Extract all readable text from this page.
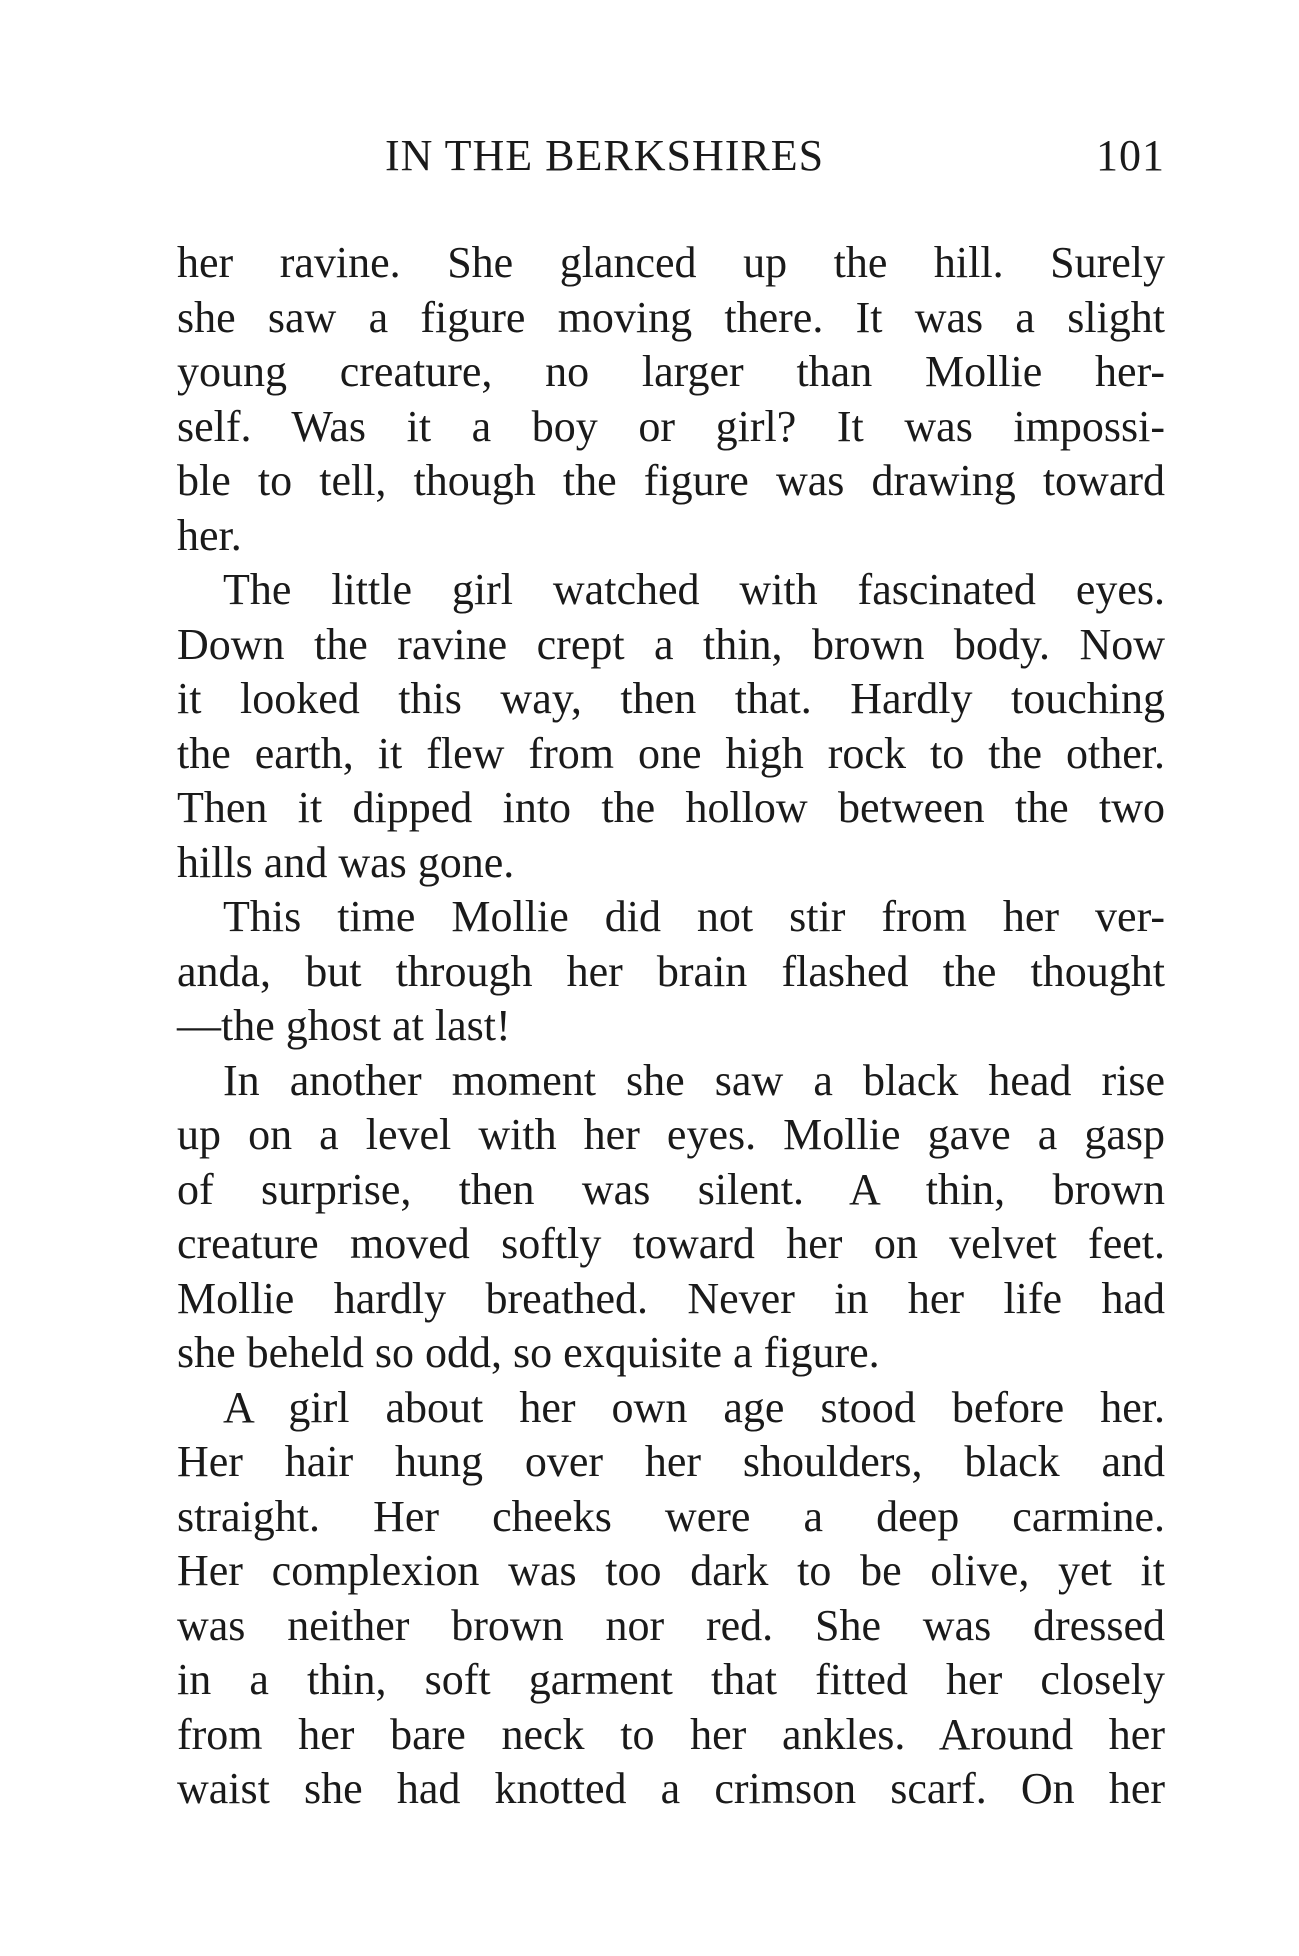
IN THE BERKSHIRES	101
her ravine. She glanced up the hill. Surely
she saw a figure moving there. It was a slight
young creature, no larger than Mollie her-
self. Was it a boy or girl? It was impossi-
ble to tell, though the figure was drawing toward
her.
The little girl watched with fascinated eyes.
Down the ravine crept a thin, brown body. Now
it looked this way, then that. Hardly touching
the earth, it flew from one high rock to the other.
Then it dipped into the hollow between the two
hills and was gone.
This time Mollie did not stir from her ver-
anda, but through her brain flashed the thought
—the ghost at last!
In another moment she saw a black head rise
up on a level with her eyes. Mollie gave a gasp
of surprise, then was silent. A thin, brown
creature moved softly toward her on velvet feet.
Mollie hardly breathed. Never in her life had
she beheld so odd, so exquisite a figure.
A girl about her own age stood before her.
Her hair hung over her shoulders, black and
straight. Her cheeks were a deep carmine.
Her complexion was too dark to be olive, yet it
was neither brown nor red. She was dressed
in a thin, soft garment that fitted her closely
from her bare neck to her ankles. Around her
waist she had knotted a crimson scarf. On her
